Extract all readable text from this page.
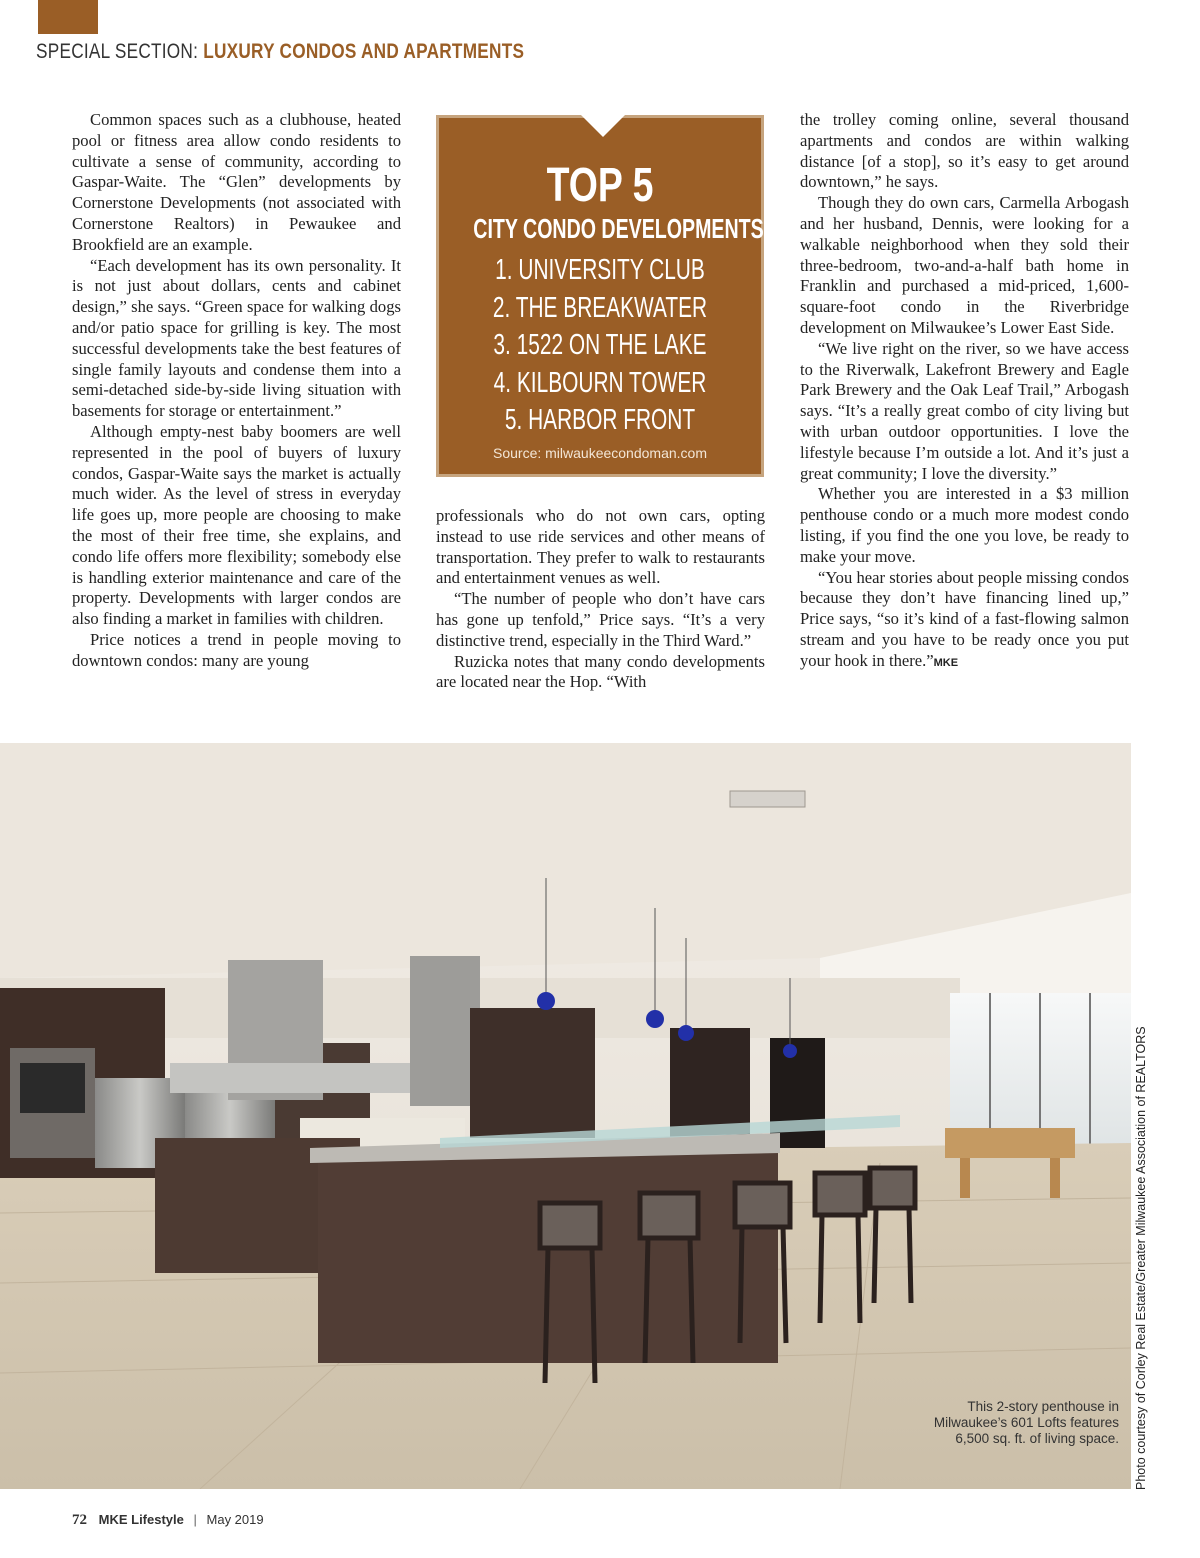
SPECIAL SECTION: LUXURY CONDOS AND APARTMENTS

Common spaces such as a clubhouse, heated pool or fitness area allow condo residents to cultivate a sense of community, according to Gaspar-Waite. The “Glen” developments by Cornerstone Developments (not associated with Cornerstone Realtors) in Pewaukee and Brookfield are an example.

“Each development has its own personality. It is not just about dollars, cents and cabinet design,” she says. “Green space for walking dogs and/or patio space for grilling is key. The most successful developments take the best features of single family layouts and condense them into a semi-detached side-by-side living situation with basements for storage or entertainment.”

Although empty-nest baby boomers are well represented in the pool of buyers of luxury condos, Gaspar-Waite says the market is actually much wider. As the level of stress in everyday life goes up, more people are choosing to make the most of their free time, she explains, and condo life offers more flexibility; somebody else is handling exterior maintenance and care of the property. Developments with larger condos are also finding a market in families with children.

Price notices a trend in people moving to downtown condos: many are young

TOP 5
CITY CONDO DEVELOPMENTS
1. UNIVERSITY CLUB
2. THE BREAKWATER
3. 1522 ON THE LAKE
4. KILBOURN TOWER
5. HARBOR FRONT
Source: milwaukeecondoman.com

professionals who do not own cars, opting instead to use ride services and other means of transportation. They prefer to walk to restaurants and entertainment venues as well.

“The number of people who don’t have cars has gone up tenfold,” Price says. “It’s a very distinctive trend, especially in the Third Ward.”

Ruzicka notes that many condo developments are located near the Hop. “With

the trolley coming online, several thousand apartments and condos are within walking distance [of a stop], so it’s easy to get around downtown,” he says.

Though they do own cars, Carmella Arbogash and her husband, Dennis, were looking for a walkable neighborhood when they sold their three-bedroom, two-and-a-half bath home in Franklin and purchased a mid-priced, 1,600-square-foot condo in the Riverbridge development on Milwaukee’s Lower East Side.

“We live right on the river, so we have access to the Riverwalk, Lakefront Brewery and Eagle Park Brewery and the Oak Leaf Trail,” Arbogash says. “It’s a really great combo of city living but with urban outdoor opportunities. I love the lifestyle because I’m outside a lot. And it’s just a great community; I love the diversity.”

Whether you are interested in a $3 million penthouse condo or a much more modest condo listing, if you find the one you love, be ready to make your move.

“You hear stories about people missing condos because they don’t have financing lined up,” Price says, “so it’s kind of a fast-flowing salmon stream and you have to be ready once you put your hook in there.”MKE

This 2-story penthouse in
Milwaukee’s 601 Lofts features
6,500 sq. ft. of living space. Photo courtesy of Corley Real Estate/Greater Milwaukee Association of REALTORS
72 MKE Lifestyle | May 2019
